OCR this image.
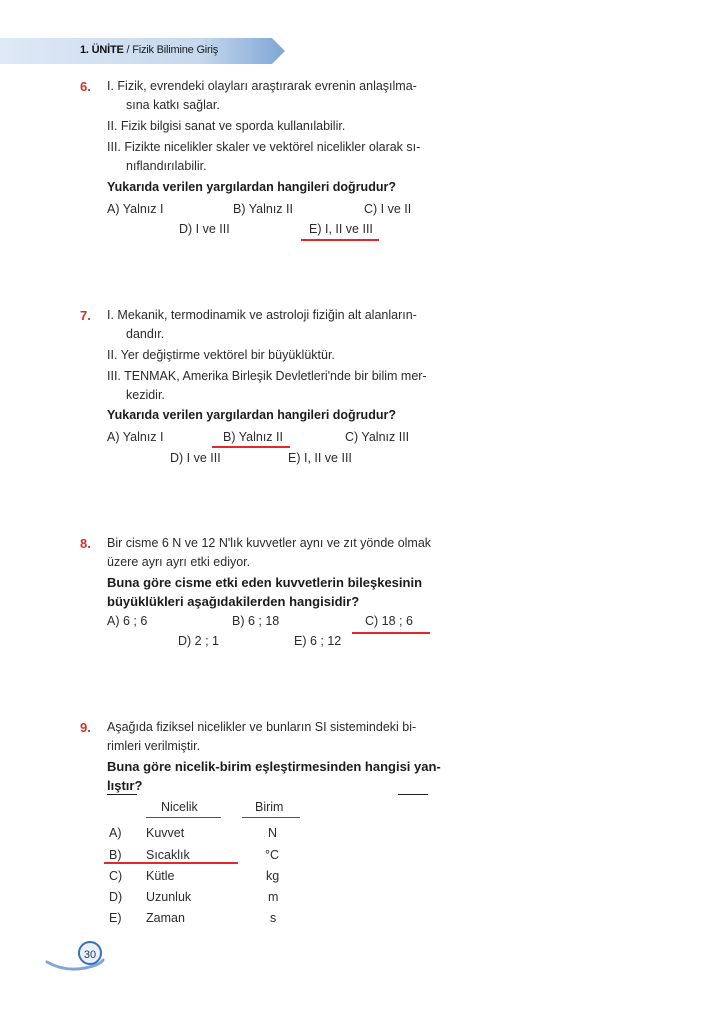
1. ÜNİTE / Fizik Bilimine Giriş
6. I. Fizik, evrendeki olayları araştırarak evrenin anlaşılma-
sına katkı sağlar.
II. Fizik bilgisi sanat ve sporda kullanılabilir.
III. Fizikte nicelikler skaler ve vektörel nicelikler olarak sı-
nıflandırılabilir.
Yukarıda verilen yargılardan hangileri doğrudur?
A) Yalnız I	B) Yalnız II	C) I ve II
D) I ve III	E) I, II ve III
7. I. Mekanik, termodinamik ve astroloji fiziğin alt alanların-
dandır.
II. Yer değiştirme vektörel bir büyüklüktür.
III. TENMAK, Amerika Birleşik Devletleri'nde bir bilim mer-
kezidir.
Yukarıda verilen yargılardan hangileri doğrudur?
A) Yalnız I	B) Yalnız II	C) Yalnız III
D) I ve III	E) I, II ve III
8. Bir cisme 6 N ve 12 N'lık kuvvetler aynı ve zıt yönde olmak
üzere ayrı ayrı etki ediyor.
Buna göre cisme etki eden kuvvetlerin bileşkesinin
büyüklükleri aşağıdakilerden hangisidir?
A) 6 ; 6	B) 6 ; 18	C) 18 ; 6
D) 2 ; 1	E) 6 ; 12
9. Aşağıda fiziksel nicelikler ve bunların SI sistemindeki bi-
rimleri verilmiştir.
Buna göre nicelik-birim eşleştirmesinden hangisi yan-
lıştır?
Nicelik	Birim
A) Kuvvet	N
B) Sıcaklık	°C
C) Kütle	kg
D) Uzunluk	m
E) Zaman	s
30
